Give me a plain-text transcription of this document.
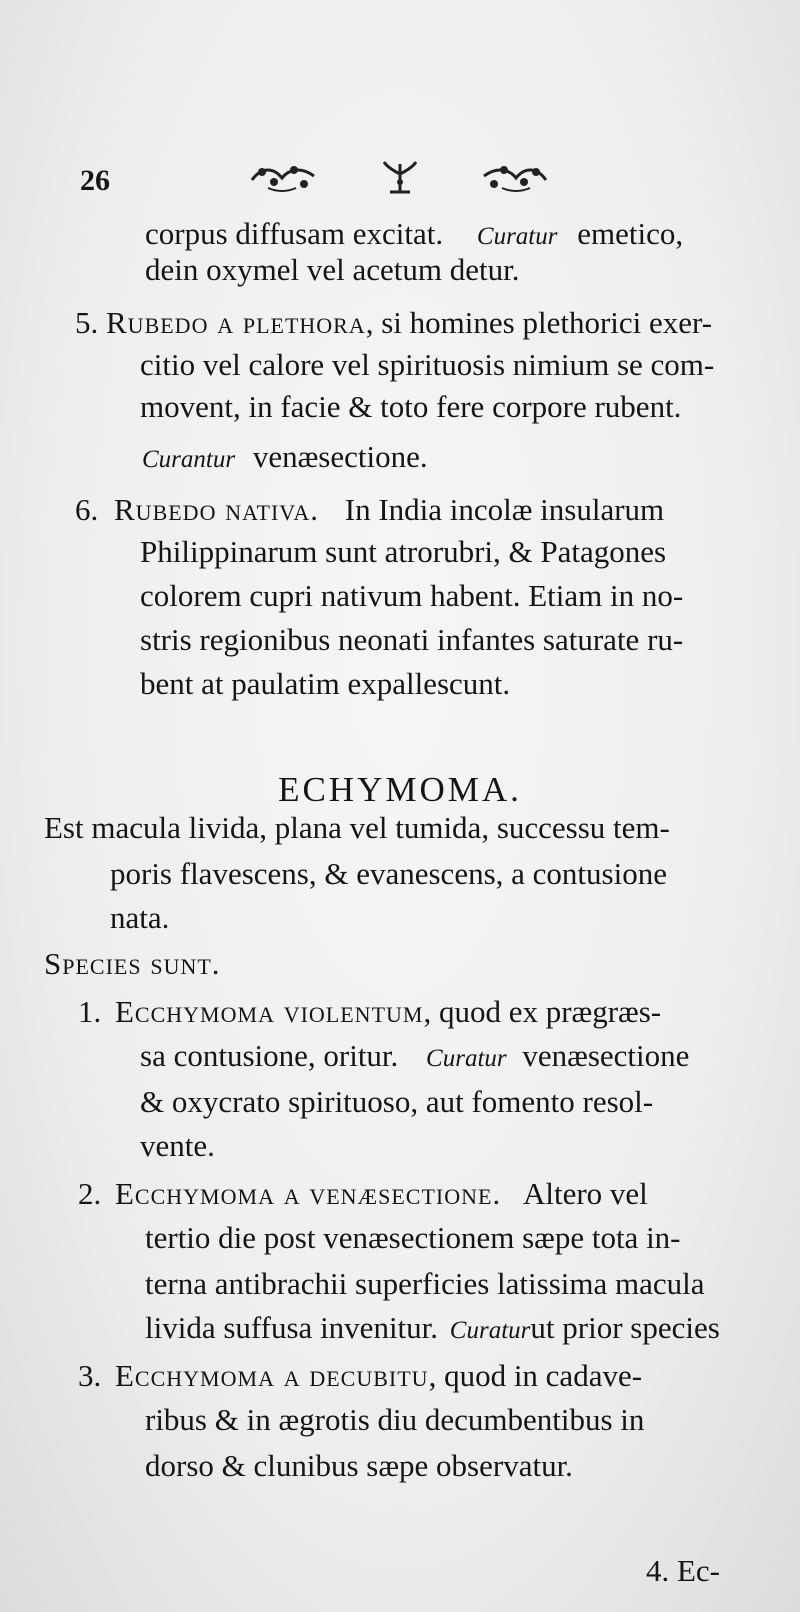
26
corpus diffusam excitat. Curatur emetico,
dein oxymel vel acetum detur.
5. Rubedo a plethora, si homines plethorici exer-
citio vel calore vel spirituosis nimium se com-
movent, in facie & toto fere corpore rubent.
Curantur venæsectione.
6. Rubedo nativa. In India incolæ insularum
Philippinarum sunt atrorubri, & Patagones
colorem cupri nativum habent. Etiam in no-
stris regionibus neonati infantes saturate ru-
bent at paulatim expallescunt.
ECHYMOMA.
Est macula livida, plana vel tumida, successu tem-
poris flavescens, & evanescens, a contusione
nata.
Species sunt.
1. Ecchymoma violentum, quod ex prægræs-
sa contusione, oritur. Curatur venæsectione
& oxycrato spirituoso, aut fomento resol-
vente.
2. Ecchymoma a venæsectione. Altero vel
tertio die post venæsectionem sæpe tota in-
terna antibrachii superficies latissima macula
livida suffusa invenitur. Curaturut prior species
3. Ecchymoma a decubitu, quod in cadave-
ribus & in ægrotis diu decumbentibus in
dorso & clunibus sæpe observatur.
4. Ec-
